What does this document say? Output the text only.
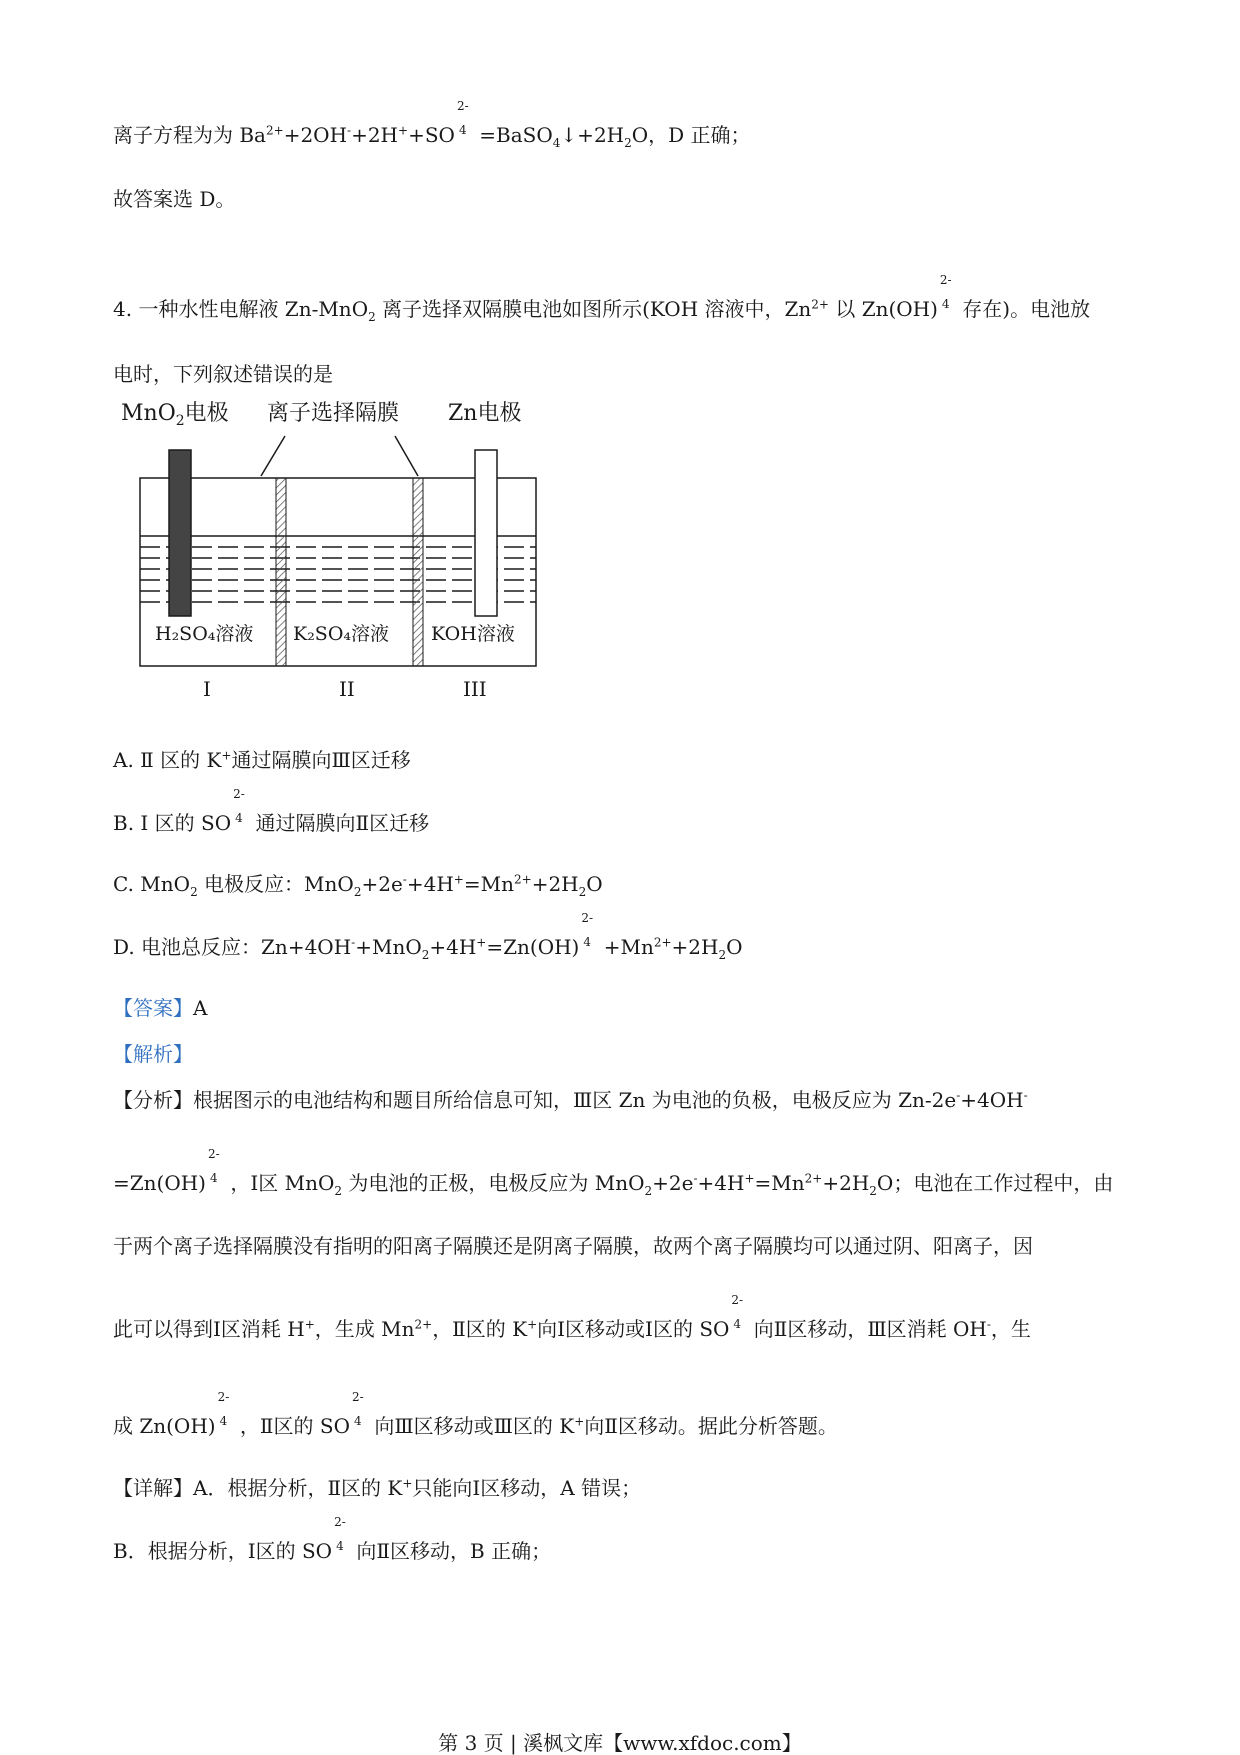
离子方程为为 $Ba^{2+}+2OH^-+2H^++SO$
2-
$4 =BaSO_4↓+2H_2O$，D 正确；
故答案选 D。
4. 一种水性电解液 Zn-MnO$_2$ 离子选择双隔膜电池如图所示(KOH 溶液中，$Zn^{2+}$ 以 Zn(OH)
2-
4 存在)。电池放
电时，下列叙述错误的是
MnO$_2$电极 离子选择隔膜 Zn电极
H₂SO₄溶液 K₂SO₄溶液 KOH溶液
I	II	III
A. Ⅱ 区的 K+通过隔膜向Ⅲ区迁移
B. Ⅰ 区的 SO
2-
4 通过隔膜向Ⅱ区迁移
C. MnO$_2$ 电极反应：$MnO_2+2e^-+4H^+=Mn^{2+}+2H_2O$
D. 电池总反应：Zn+4OH-+MnO$_2$+4H+=Zn(OH)
2-
$4 +Mn^{2+}+2H_2O$
【答案】A
【解析】
【分析】根据图示的电池结构和题目所给信息可知，Ⅲ区 Zn 为电池的负极，电极反应为 Zn-2e-+4OH-
=Zn(OH)
2-
4 ，Ⅰ区 MnO$_2$ 为电池的正极，电极反应为 $MnO_2+2e^-+4H^+=Mn^{2+}+2H_2O$；电池在工作过程中，由
于两个离子选择隔膜没有指明的阳离子隔膜还是阴离子隔膜，故两个离子隔膜均可以通过阴、阳离子，因
此可以得到Ⅰ区消耗 H+，生成 $Mn^{2+}$，Ⅱ区的 K+向Ⅰ区移动或Ⅰ区的 SO
2-
4 向Ⅱ区移动，Ⅲ区消耗 OH-，生
成 Zn(OH)
2-
4 ，Ⅱ区的 SO
2-
4 向Ⅲ区移动或Ⅲ区的 K+向Ⅱ区移动。据此分析答题。
【详解】A．根据分析，Ⅱ区的 K+只能向Ⅰ区移动，A 错误；
B．根据分析，Ⅰ区的 SO
2-
4 向Ⅱ区移动，B 正确；
第 3 页 | 溪枫文库【www.xfdoc.com】
